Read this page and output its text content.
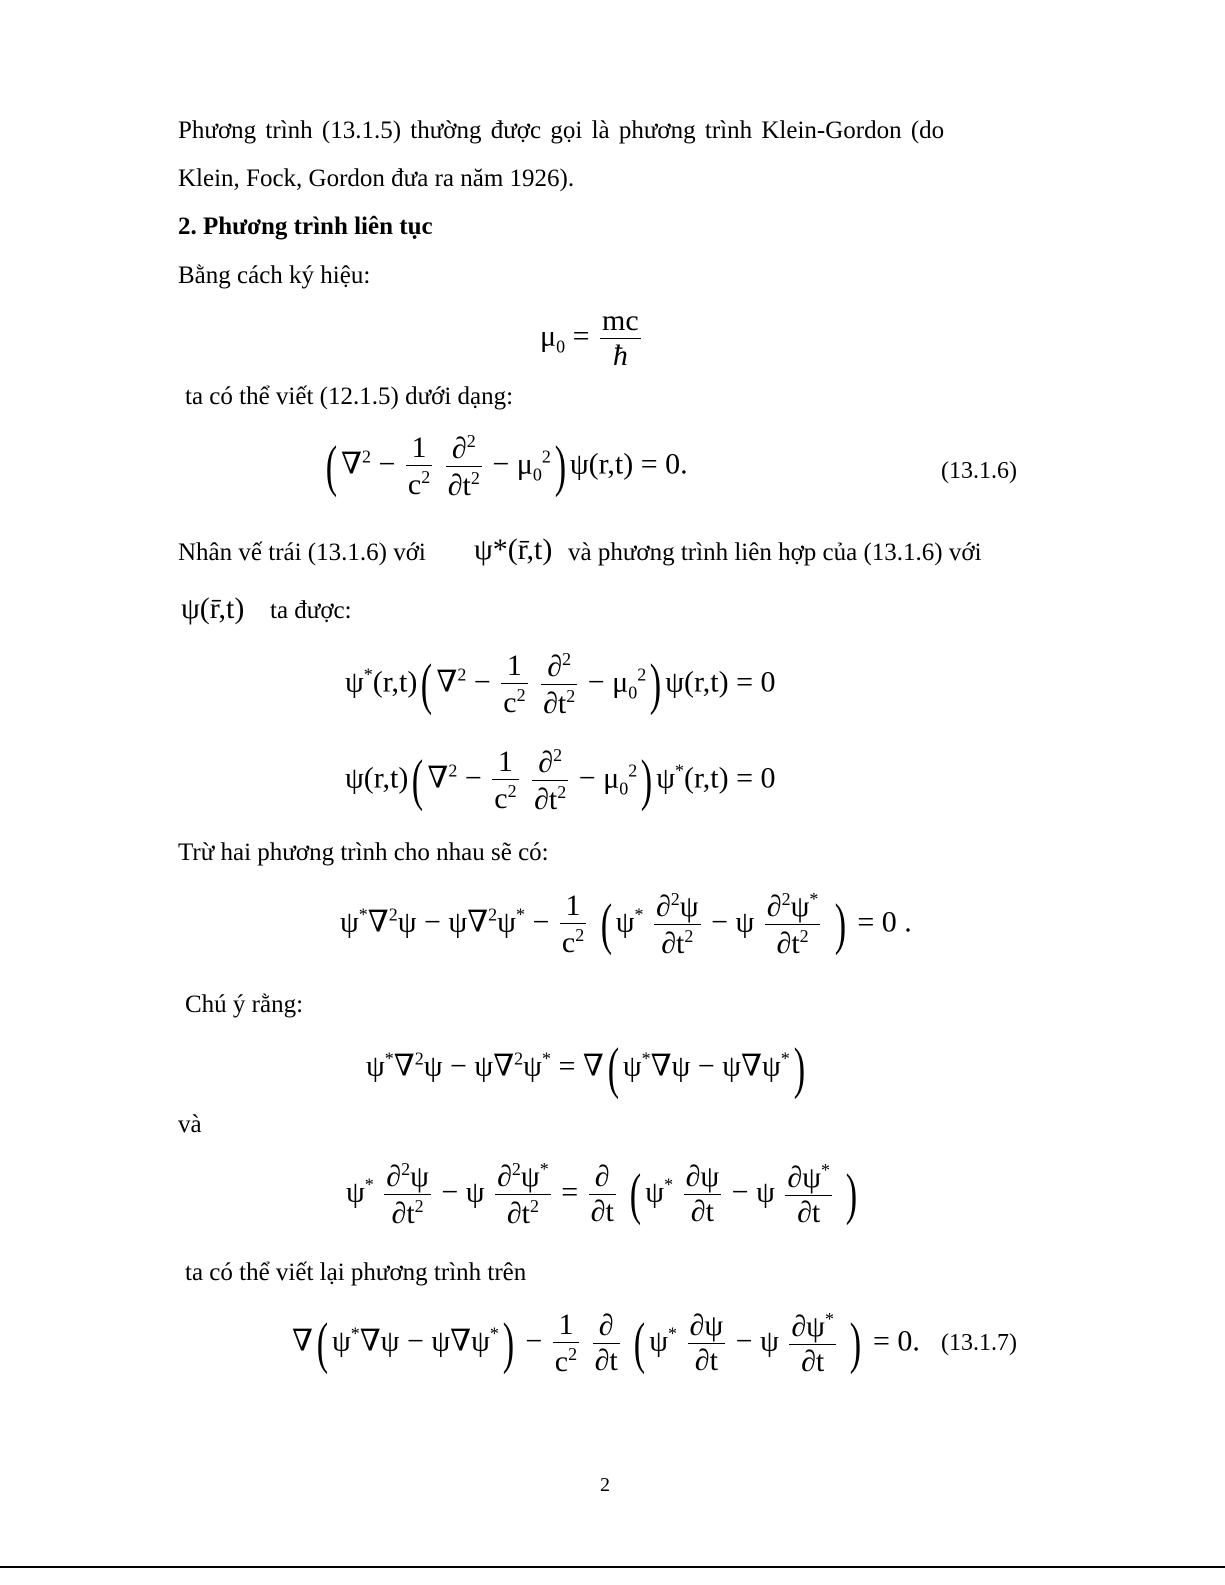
Phương trình (13.1.5) thường được gọi là phương trình Klein-Gordon (do
Klein, Fock, Gordon đưa ra năm 1926).
2. Phương trình liên tục
Bằng cách ký hiệu:
$\mu_0 = \frac{mc}{ħ}$
ta có thể viết (12.1.5) dưới dạng:
( $\nabla^2 - \frac{1}{c^2}$
$\frac{\partial^2}{\partial t^2} - \mu_0^2$) ψ(r,t) = 0.	(13.1.6)
Nhân vế trái (13.1.6) với ψ*(r̄,t) và phương trình liên hợp của (13.1.6) với
ψ(r̄,t) ta được:
ψ*(r,t)( $\nabla^2 - \frac{1}{c^2}$
$\frac{\partial^2}{\partial t^2} - \mu_0^2$) ψ(r,t) = 0
ψ(r,t)( $\nabla^2 - \frac{1}{c^2}$
$\frac{\partial^2}{\partial t^2} - \mu_0^2$) ψ*(r,t) = 0
Trừ hai phương trình cho nhau sẽ có:
$\psi^*\nabla^2\psi - \psi\nabla^2\psi^* - \frac{1}{c^2}$ ( $\psi^* \frac{\partial^2\psi}{\partial t^2} - \psi \frac{\partial^2\psi^*}{\partial t^2}$ ) = 0 .
Chú ý rằng:
ψ*∇$^2$ψ − ψ∇$^2$ψ* = ∇( ψ*∇ψ − ψ∇ψ*)
và
$\psi^* \frac{\partial^2\psi}{\partial t^2} - \psi \frac{\partial^2\psi^*}{\partial t^2} = \frac{\partial}{\partial t}$ ( $\psi^* \frac{\partial\psi}{\partial t} - \psi \frac{\partial\psi^*}{\partial t}$ )
ta có thể viết lại phương trình trên
∇( $\psi^*\nabla\psi - \psi\nabla\psi^*) - \frac{1}{c^2}$
$\frac{\partial}{\partial t}$ ( $\psi^* \frac{\partial\psi}{\partial t} - \psi \frac{\partial\psi^*}{\partial t}$ ) = 0. (13.1.7)
2
